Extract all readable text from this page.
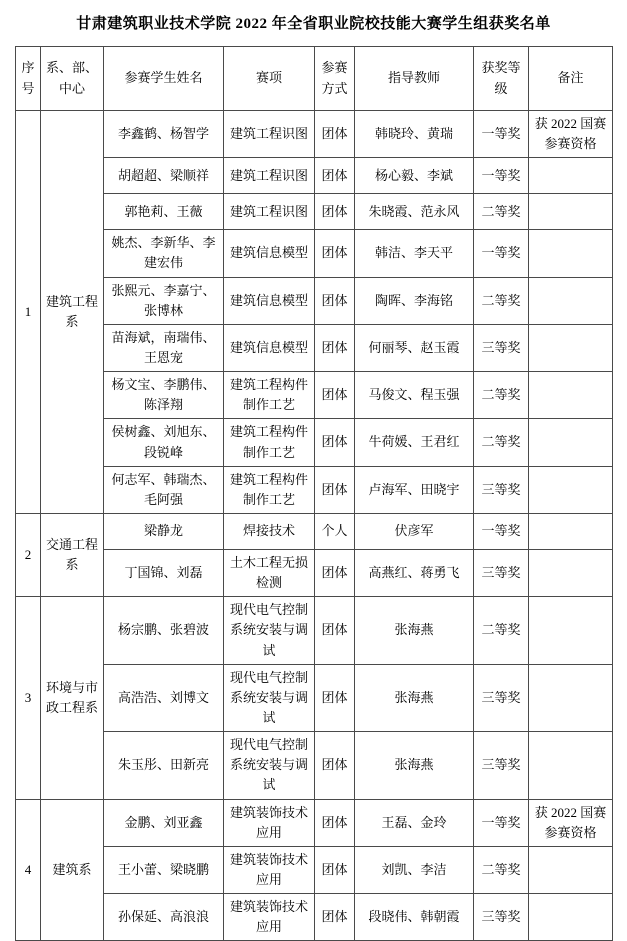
甘肃建筑职业技术学院 2022 年全省职业院校技能大赛学生组获奖名单
序号	系、部、中心	参赛学生姓名	赛项	参赛方式	指导教师	获奖等级	备注
1	建筑工程系	李鑫鹤、杨智学	建筑工程识图	团体	韩晓玲、黄瑞	一等奖	获 2022 国赛参赛资格
		胡超超、梁顺祥	建筑工程识图	团体	杨心毅、李斌	一等奖	
		郭艳莉、王薇	建筑工程识图	团体	朱晓霞、范永风	二等奖	
		姚杰、李新华、李建宏伟	建筑信息模型	团体	韩洁、李天平	一等奖	
		张熙元、李嘉宁、张博林	建筑信息模型	团体	陶晖、李海铭	二等奖	
		苗海斌，南瑞伟、王恩宠	建筑信息模型	团体	何丽琴、赵玉霞	三等奖	
		杨文宝、李鹏伟、陈泽翔	建筑工程构件制作工艺	团体	马俊文、程玉强	二等奖	
		侯树鑫、刘旭东、段锐峰	建筑工程构件制作工艺	团体	牛荷媛、王君红	二等奖	
		何志军、韩瑞杰、毛阿强	建筑工程构件制作工艺	团体	卢海军、田晓宇	三等奖	
2	交通工程系	梁静龙	焊接技术	个人	伏彦军	一等奖	
		丁国锦、刘磊	土木工程无损检测	团体	高燕红、蒋勇飞	三等奖	
3	环境与市政工程系	杨宗鹏、张碧波	现代电气控制系统安装与调试	团体	张海燕	二等奖	
		高浩浩、刘博文	现代电气控制系统安装与调试	团体	张海燕	三等奖	
		朱玉彤、田新亮	现代电气控制系统安装与调试	团体	张海燕	三等奖	
4	建筑系	金鹏、刘亚鑫	建筑装饰技术应用	团体	王磊、金玲	一等奖	获 2022 国赛参赛资格
		王小蕾、梁晓鹏	建筑装饰技术应用	团体	刘凯、李洁	二等奖	
		孙保延、高浪浪	建筑装饰技术应用	团体	段晓伟、韩朝霞	三等奖	
